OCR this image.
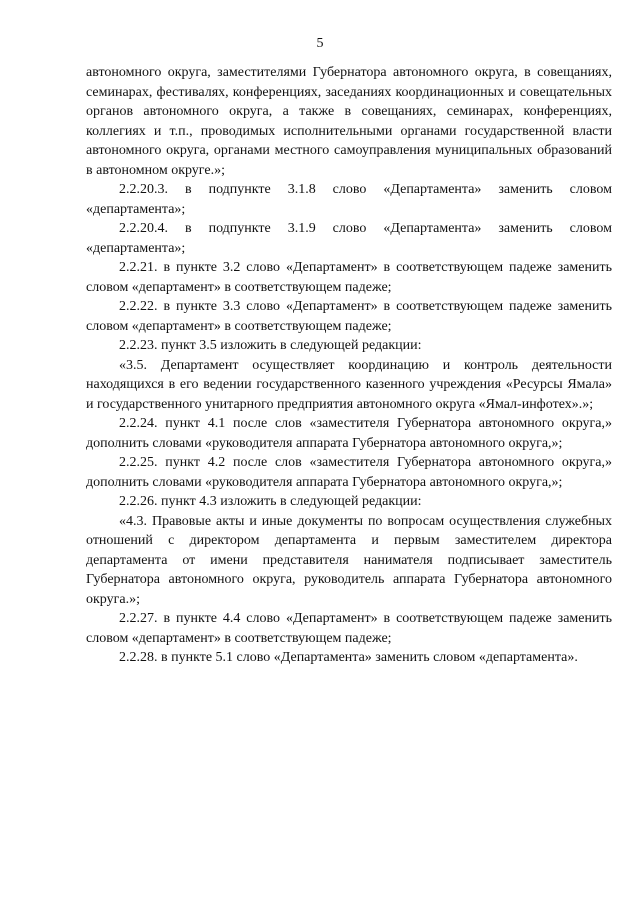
5

автономного округа, заместителями Губернатора автономного округа, в совещаниях, семинарах, фестивалях, конференциях, заседаниях координационных и совещательных органов автономного округа, а также в совещаниях, семинарах, конференциях, коллегиях и т.п., проводимых исполнительными органами государственной власти автономного округа, органами местного самоуправления муниципальных образований в автономном округе.»;

2.2.20.3. в подпункте 3.1.8 слово «Департамента» заменить словом «департамента»;

2.2.20.4. в подпункте 3.1.9 слово «Департамента» заменить словом «департамента»;

2.2.21. в пункте 3.2 слово «Департамент» в соответствующем падеже заменить словом «департамент» в соответствующем падеже;

2.2.22. в пункте 3.3 слово «Департамент» в соответствующем падеже заменить словом «департамент» в соответствующем падеже;

2.2.23. пункт 3.5 изложить в следующей редакции:

«3.5. Департамент осуществляет координацию и контроль деятельности находящихся в его ведении государственного казенного учреждения «Ресурсы Ямала» и государственного унитарного предприятия автономного округа «Ямал-инфотех».»;

2.2.24. пункт 4.1 после слов «заместителя Губернатора автономного округа,» дополнить словами «руководителя аппарата Губернатора автономного округа,»;

2.2.25. пункт 4.2 после слов «заместителя Губернатора автономного округа,» дополнить словами «руководителя аппарата Губернатора автономного округа,»;

2.2.26. пункт 4.3 изложить в следующей редакции:

«4.3. Правовые акты и иные документы по вопросам осуществления служебных отношений с директором департамента и первым заместителем директора департамента от имени представителя нанимателя подписывает заместитель Губернатора автономного округа, руководитель аппарата Губернатора автономного округа.»;

2.2.27. в пункте 4.4 слово «Департамент» в соответствующем падеже заменить словом «департамент» в соответствующем падеже;

2.2.28. в пункте 5.1 слово «Департамента» заменить словом «департамента».
